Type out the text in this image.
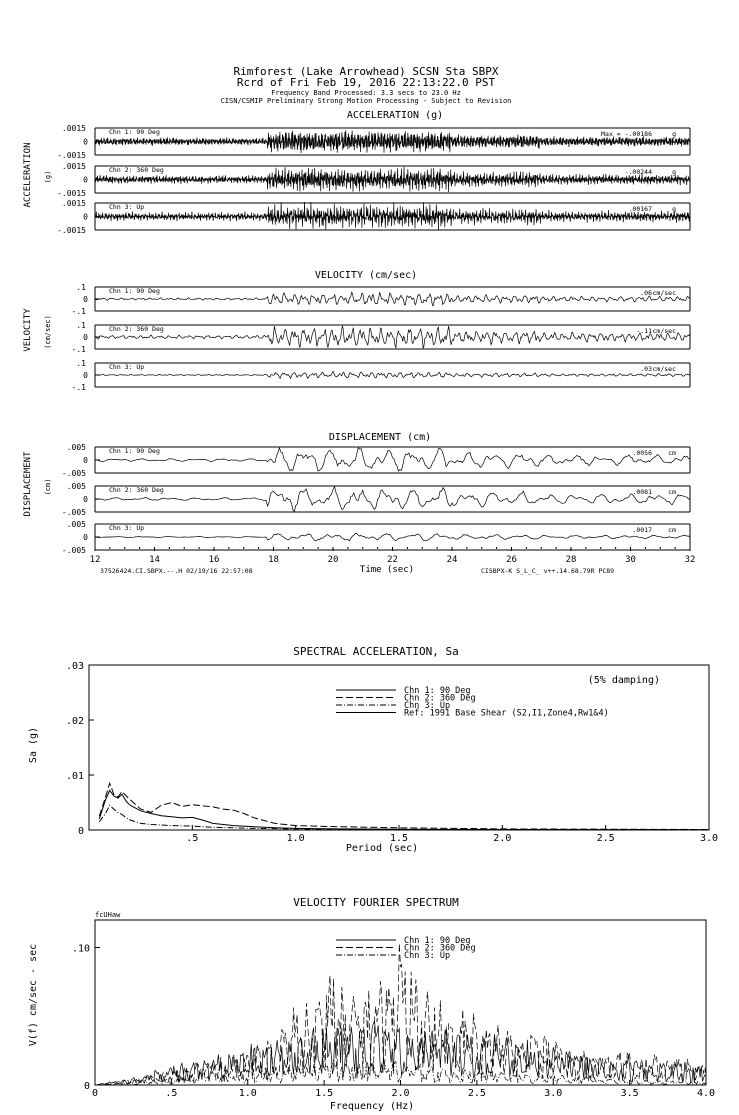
Rimforest (Lake Arrowhead) SCSN Sta SBPX
Rcrd of Fri Feb 19, 2016 22:13:22.0 PST
Frequency Band Processed: 3.3 secs to 23.0 Hz
CISN/CSMIP Preliminary Strong Motion Processing - Subject to Revision
ACCELERATION (g)
ACCELERATION (g)
.0015
0
-.0015
Chn 1: 90 Deg	Max = -.00186	g
.0015
0
-.0015
Chn 2: 360 Deg	-.00244	g
.0015
0
-.0015
Chn 3: Up	.00167	g
VELOCITY (cm/sec)
VELOCITY (cm/sec)
.1
0
-.1
Chn 1: 90 Deg	.06 cm/sec
.1
0
-.1
Chn 2: 360 Deg	-.11 cm/sec
.1
0
-.1
Chn 3: Up	.03 cm/sec
DISPLACEMENT (cm)
DISPLACEMENT (cm)
.005
0
-.005
Chn 1: 90 Deg	.0056 cm
.005
0
-.005
Chn 2: 360 Deg	.0081 cm
.005
0
-.005
Chn 3: Up	.0017 cm
12	14	16	18	20	22	24	26	28	30	32
Time (sec)
37526424.CI.SBPX.--.H 02/19/16 22:57:08	CISBPX-K S_L_C_ v++.14.68.79R PC89
SPECTRAL ACCELERATION, Sa
(5% damping)
Chn 1: 90 Deg
Chn 2: 360 Deg
Chn 3: Up
Ref: 1991 Base Shear (S2,I1,Zone4,Rw1&4)
.5	1.0	1.5	2.0	2.5	3.0
0
.01
.02
.03
Period (sec)
Sa (g)
VELOCITY FOURIER SPECTRUM
fcUHaw
Chn 1: 90 Deg
Chn 2: 360 Deg
Chn 3: Up
0	.5	1.0	1.5	2.0	2.5	3.0	3.5	4.0
0
.10
Frequency (Hz)
V(f) cm/sec - sec
